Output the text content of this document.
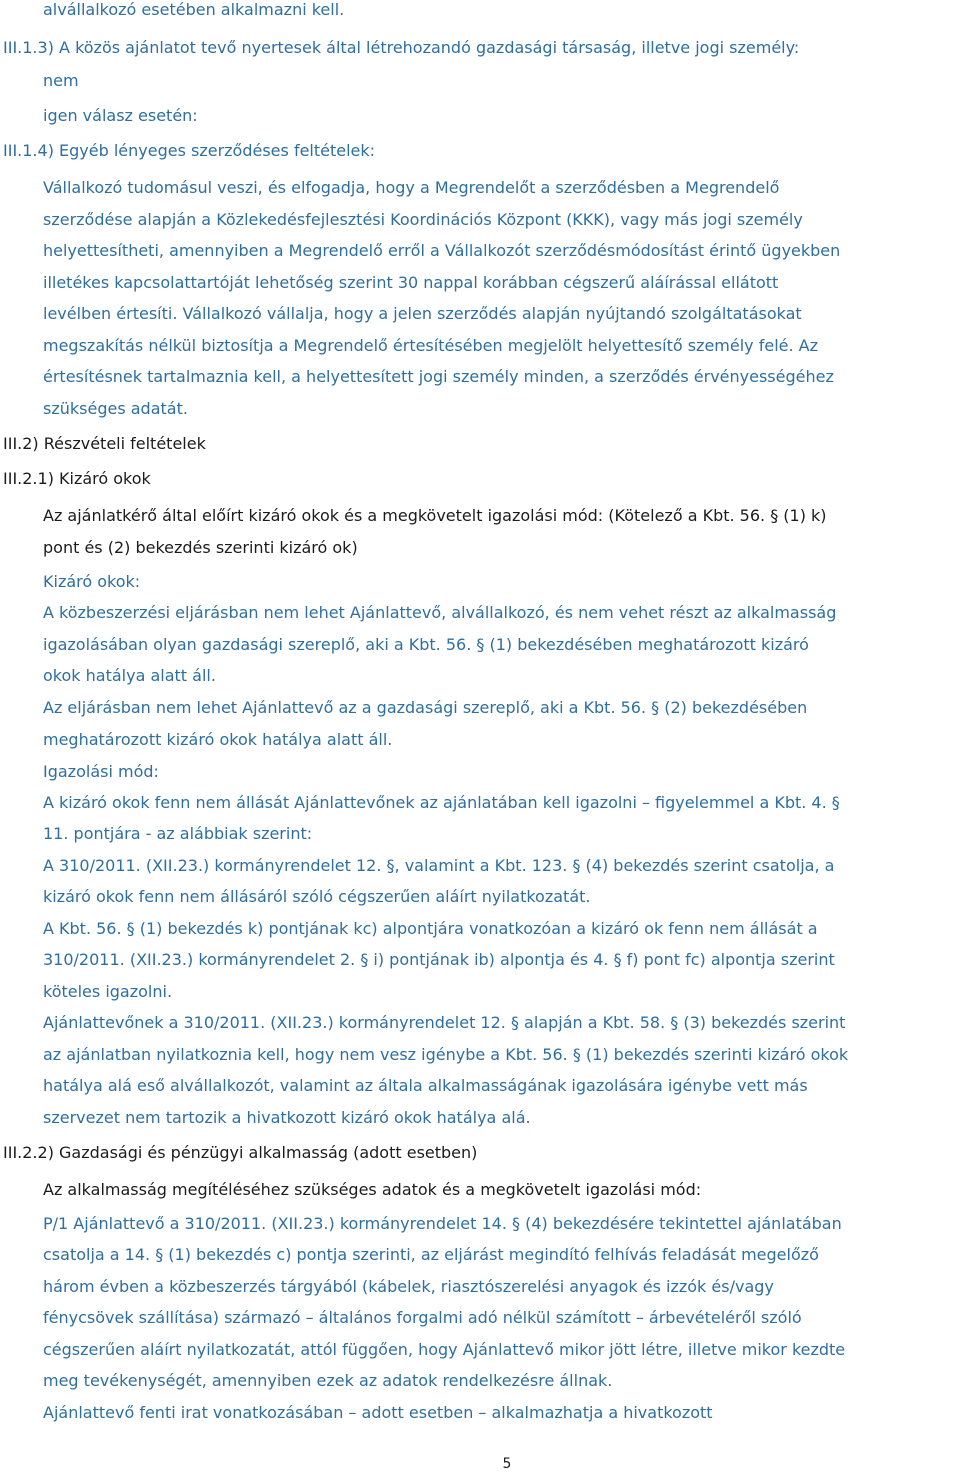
alvállalkozó esetében alkalmazni kell.
III.1.3) A közös ajánlatot tevő nyertesek által létrehozandó gazdasági társaság, illetve jogi személy:
nem
igen válasz esetén:
III.1.4) Egyéb lényeges szerződéses feltételek:
Vállalkozó tudomásul veszi, és elfogadja, hogy a Megrendelőt a szerződésben a Megrendelő
szerződése alapján a Közlekedésfejlesztési Koordinációs Központ (KKK), vagy más jogi személy
helyettesítheti, amennyiben a Megrendelő erről a Vállalkozót szerződésmódosítást érintő ügyekben
illetékes kapcsolattartóját lehetőség szerint 30 nappal korábban cégszerű aláírással ellátott
levélben értesíti. Vállalkozó vállalja, hogy a jelen szerződés alapján nyújtandó szolgáltatásokat
megszakítás nélkül biztosítja a Megrendelő értesítésében megjelölt helyettesítő személy felé. Az
értesítésnek tartalmaznia kell, a helyettesített jogi személy minden, a szerződés érvényességéhez
szükséges adatát.
III.2) Részvételi feltételek
III.2.1) Kizáró okok
Az ajánlatkérő által előírt kizáró okok és a megkövetelt igazolási mód: (Kötelező a Kbt. 56. § (1) k)
pont és (2) bekezdés szerinti kizáró ok)
Kizáró okok:
A közbeszerzési eljárásban nem lehet Ajánlattevő, alvállalkozó, és nem vehet részt az alkalmasság
igazolásában olyan gazdasági szereplő, aki a Kbt. 56. § (1) bekezdésében meghatározott kizáró
okok hatálya alatt áll.
Az eljárásban nem lehet Ajánlattevő az a gazdasági szereplő, aki a Kbt. 56. § (2) bekezdésében
meghatározott kizáró okok hatálya alatt áll.
Igazolási mód:
A kizáró okok fenn nem állását Ajánlattevőnek az ajánlatában kell igazolni – figyelemmel a Kbt. 4. §
11. pontjára - az alábbiak szerint:
A 310/2011. (XII.23.) kormányrendelet 12. §, valamint a Kbt. 123. § (4) bekezdés szerint csatolja, a
kizáró okok fenn nem állásáról szóló cégszerűen aláírt nyilatkozatát.
A Kbt. 56. § (1) bekezdés k) pontjának kc) alpontjára vonatkozóan a kizáró ok fenn nem állását a
310/2011. (XII.23.) kormányrendelet 2. § i) pontjának ib) alpontja és 4. § f) pont fc) alpontja szerint
köteles igazolni.
Ajánlattevőnek a 310/2011. (XII.23.) kormányrendelet 12. § alapján a Kbt. 58. § (3) bekezdés szerint
az ajánlatban nyilatkoznia kell, hogy nem vesz igénybe a Kbt. 56. § (1) bekezdés szerinti kizáró okok
hatálya alá eső alvállalkozót, valamint az általa alkalmasságának igazolására igénybe vett más
szervezet nem tartozik a hivatkozott kizáró okok hatálya alá.
III.2.2) Gazdasági és pénzügyi alkalmasság (adott esetben)
Az alkalmasság megítéléséhez szükséges adatok és a megkövetelt igazolási mód:
P/1 Ajánlattevő a 310/2011. (XII.23.) kormányrendelet 14. § (4) bekezdésére tekintettel ajánlatában
csatolja a 14. § (1) bekezdés c) pontja szerinti, az eljárást megindító felhívás feladását megelőző
három évben a közbeszerzés tárgyából (kábelek, riasztószerelési anyagok és izzók és/vagy
fénycsövek szállítása) származó – általános forgalmi adó nélkül számított – árbevételéről szóló
cégszerűen aláírt nyilatkozatát, attól függően, hogy Ajánlattevő mikor jött létre, illetve mikor kezdte
meg tevékenységét, amennyiben ezek az adatok rendelkezésre állnak.
Ajánlattevő fenti irat vonatkozásában – adott esetben – alkalmazhatja a hivatkozott
5
